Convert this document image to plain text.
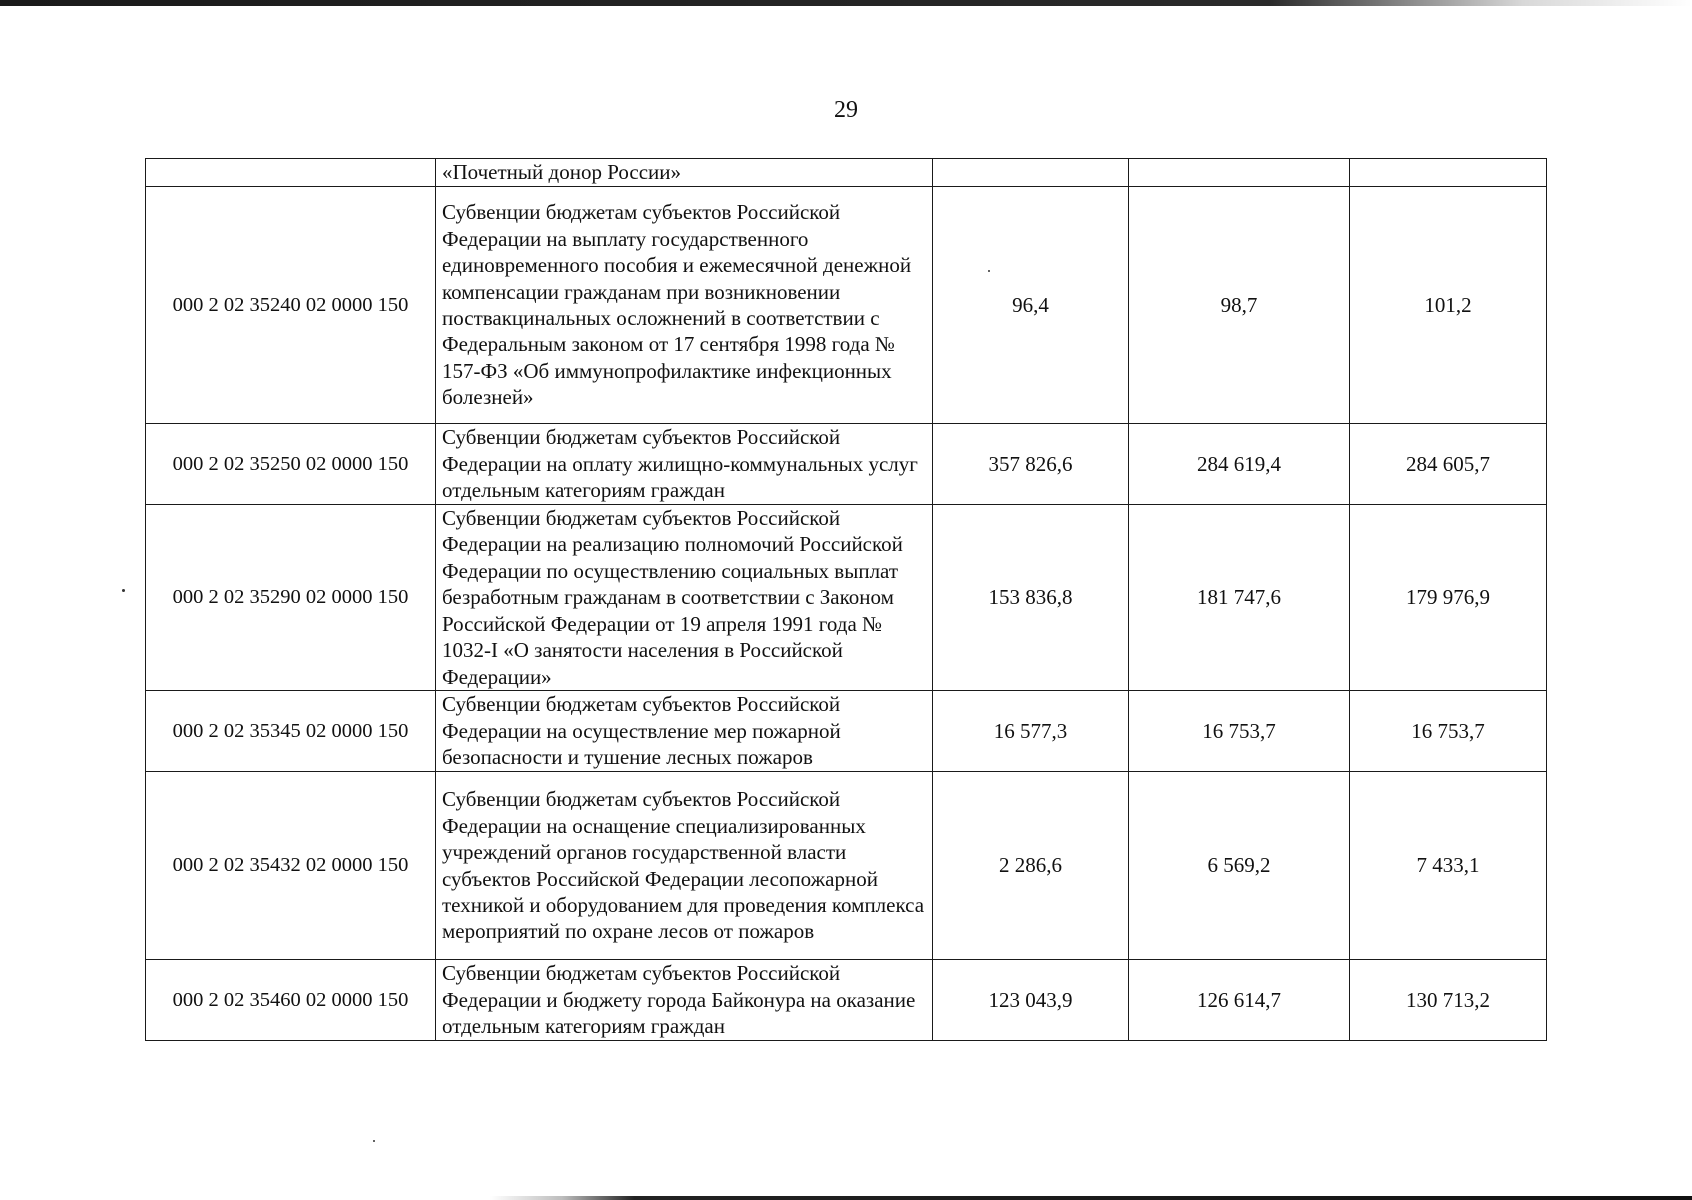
29
	«Почетный донор России»			
000 2 02 35240 02 0000 150	Субвенции бюджетам субъектов Российской Федерации на выплату государственного единовременного пособия и ежемесячной денежной компенсации гражданам при возникновении поствакцинальных осложнений в соответствии с Федеральным законом от 17 сентября 1998 года № 157-ФЗ «Об иммунопрофилактике инфекционных болезней»	96,4	98,7	101,2
000 2 02 35250 02 0000 150	Субвенции бюджетам субъектов Российской Федерации на оплату жилищно-коммунальных услуг отдельным категориям граждан	357 826,6	284 619,4	284 605,7
000 2 02 35290 02 0000 150	Субвенции бюджетам субъектов Российской Федерации на реализацию полномочий Российской Федерации по осуществлению социальных выплат безработным гражданам в соответствии с Законом Российской Федерации от 19 апреля 1991 года № 1032-I «О занятости населения в Российской Федерации»	153 836,8	181 747,6	179 976,9
000 2 02 35345 02 0000 150	Субвенции бюджетам субъектов Российской Федерации на осуществление мер пожарной безопасности и тушение лесных пожаров	16 577,3	16 753,7	16 753,7
000 2 02 35432 02 0000 150	Субвенции бюджетам субъектов Российской Федерации на оснащение специализированных учреждений органов государственной власти субъектов Российской Федерации лесопожарной техникой и оборудованием для проведения комплекса мероприятий по охране лесов от пожаров	2 286,6	6 569,2	7 433,1
000 2 02 35460 02 0000 150	Субвенции бюджетам субъектов Российской Федерации и бюджету города Байконура на оказание отдельным категориям граждан	123 043,9	126 614,7	130 713,2
